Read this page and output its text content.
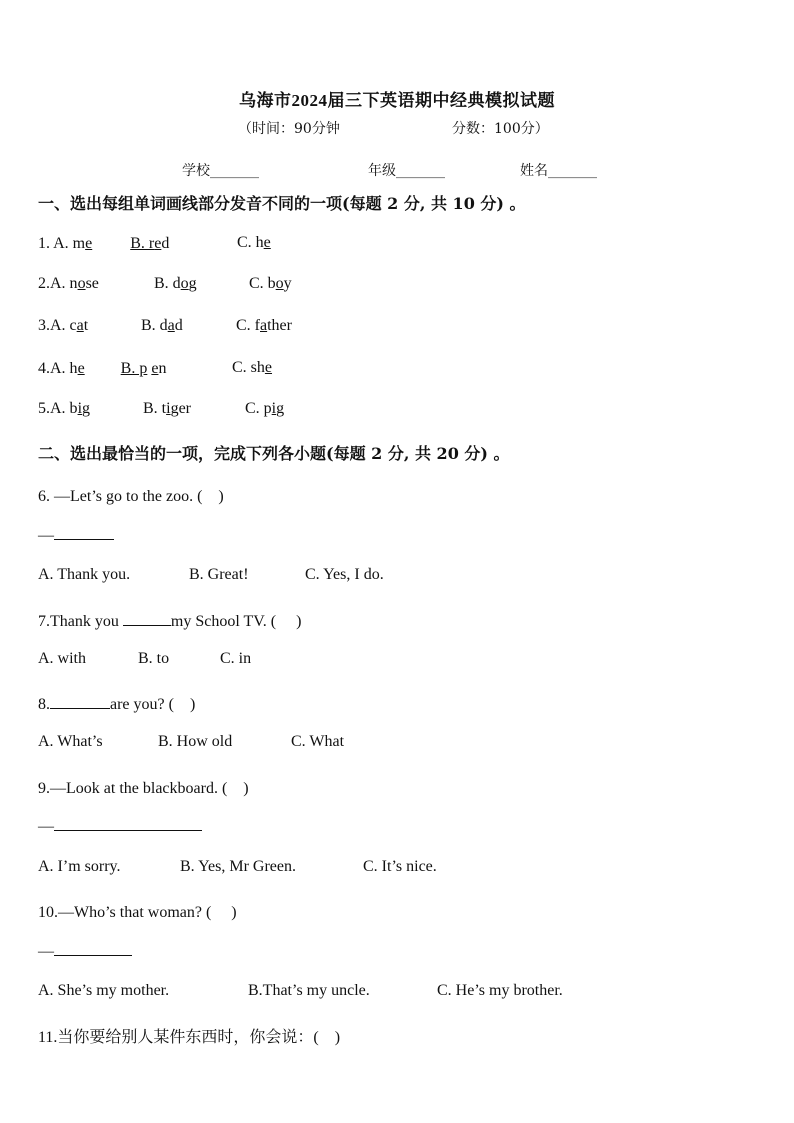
乌海市2024届三下英语期中经典模拟试题
（时间：90分钟	分数：100分）
学校_______	年级_______	姓名_______
一、选出每组单词画线部分发音不同的一项(每题 2 分, 共 10 分) 。
1. A. me B. red	C. he
2.A. nose	B. dog	C. boy
3.A. cat	B. dad	C. father
4.A. he B. p en	C. she
5.A. big	B. tiger	C. pig
二、选出最恰当的一项，完成下列各小题(每题 2 分, 共 20 分) 。
6. —Let’s go to the zoo. (　)
—
A. Thank you.	B. Great!	C. Yes, I do.
7.Thank you	my School TV. (　 )
A. with	B. to	C. in
8.	are you? (　)
A. What’s	B. How old	C. What
9.—Look at the blackboard. (　)
—
A. I’m sorry.	B. Yes, Mr Green.	C. It’s nice.
10.—Who’s that woman? (　 )
—
A. She’s my mother.	B.That’s my uncle.	C. He’s my brother.
11.当你要给别人某件东西时，你会说：(　)
